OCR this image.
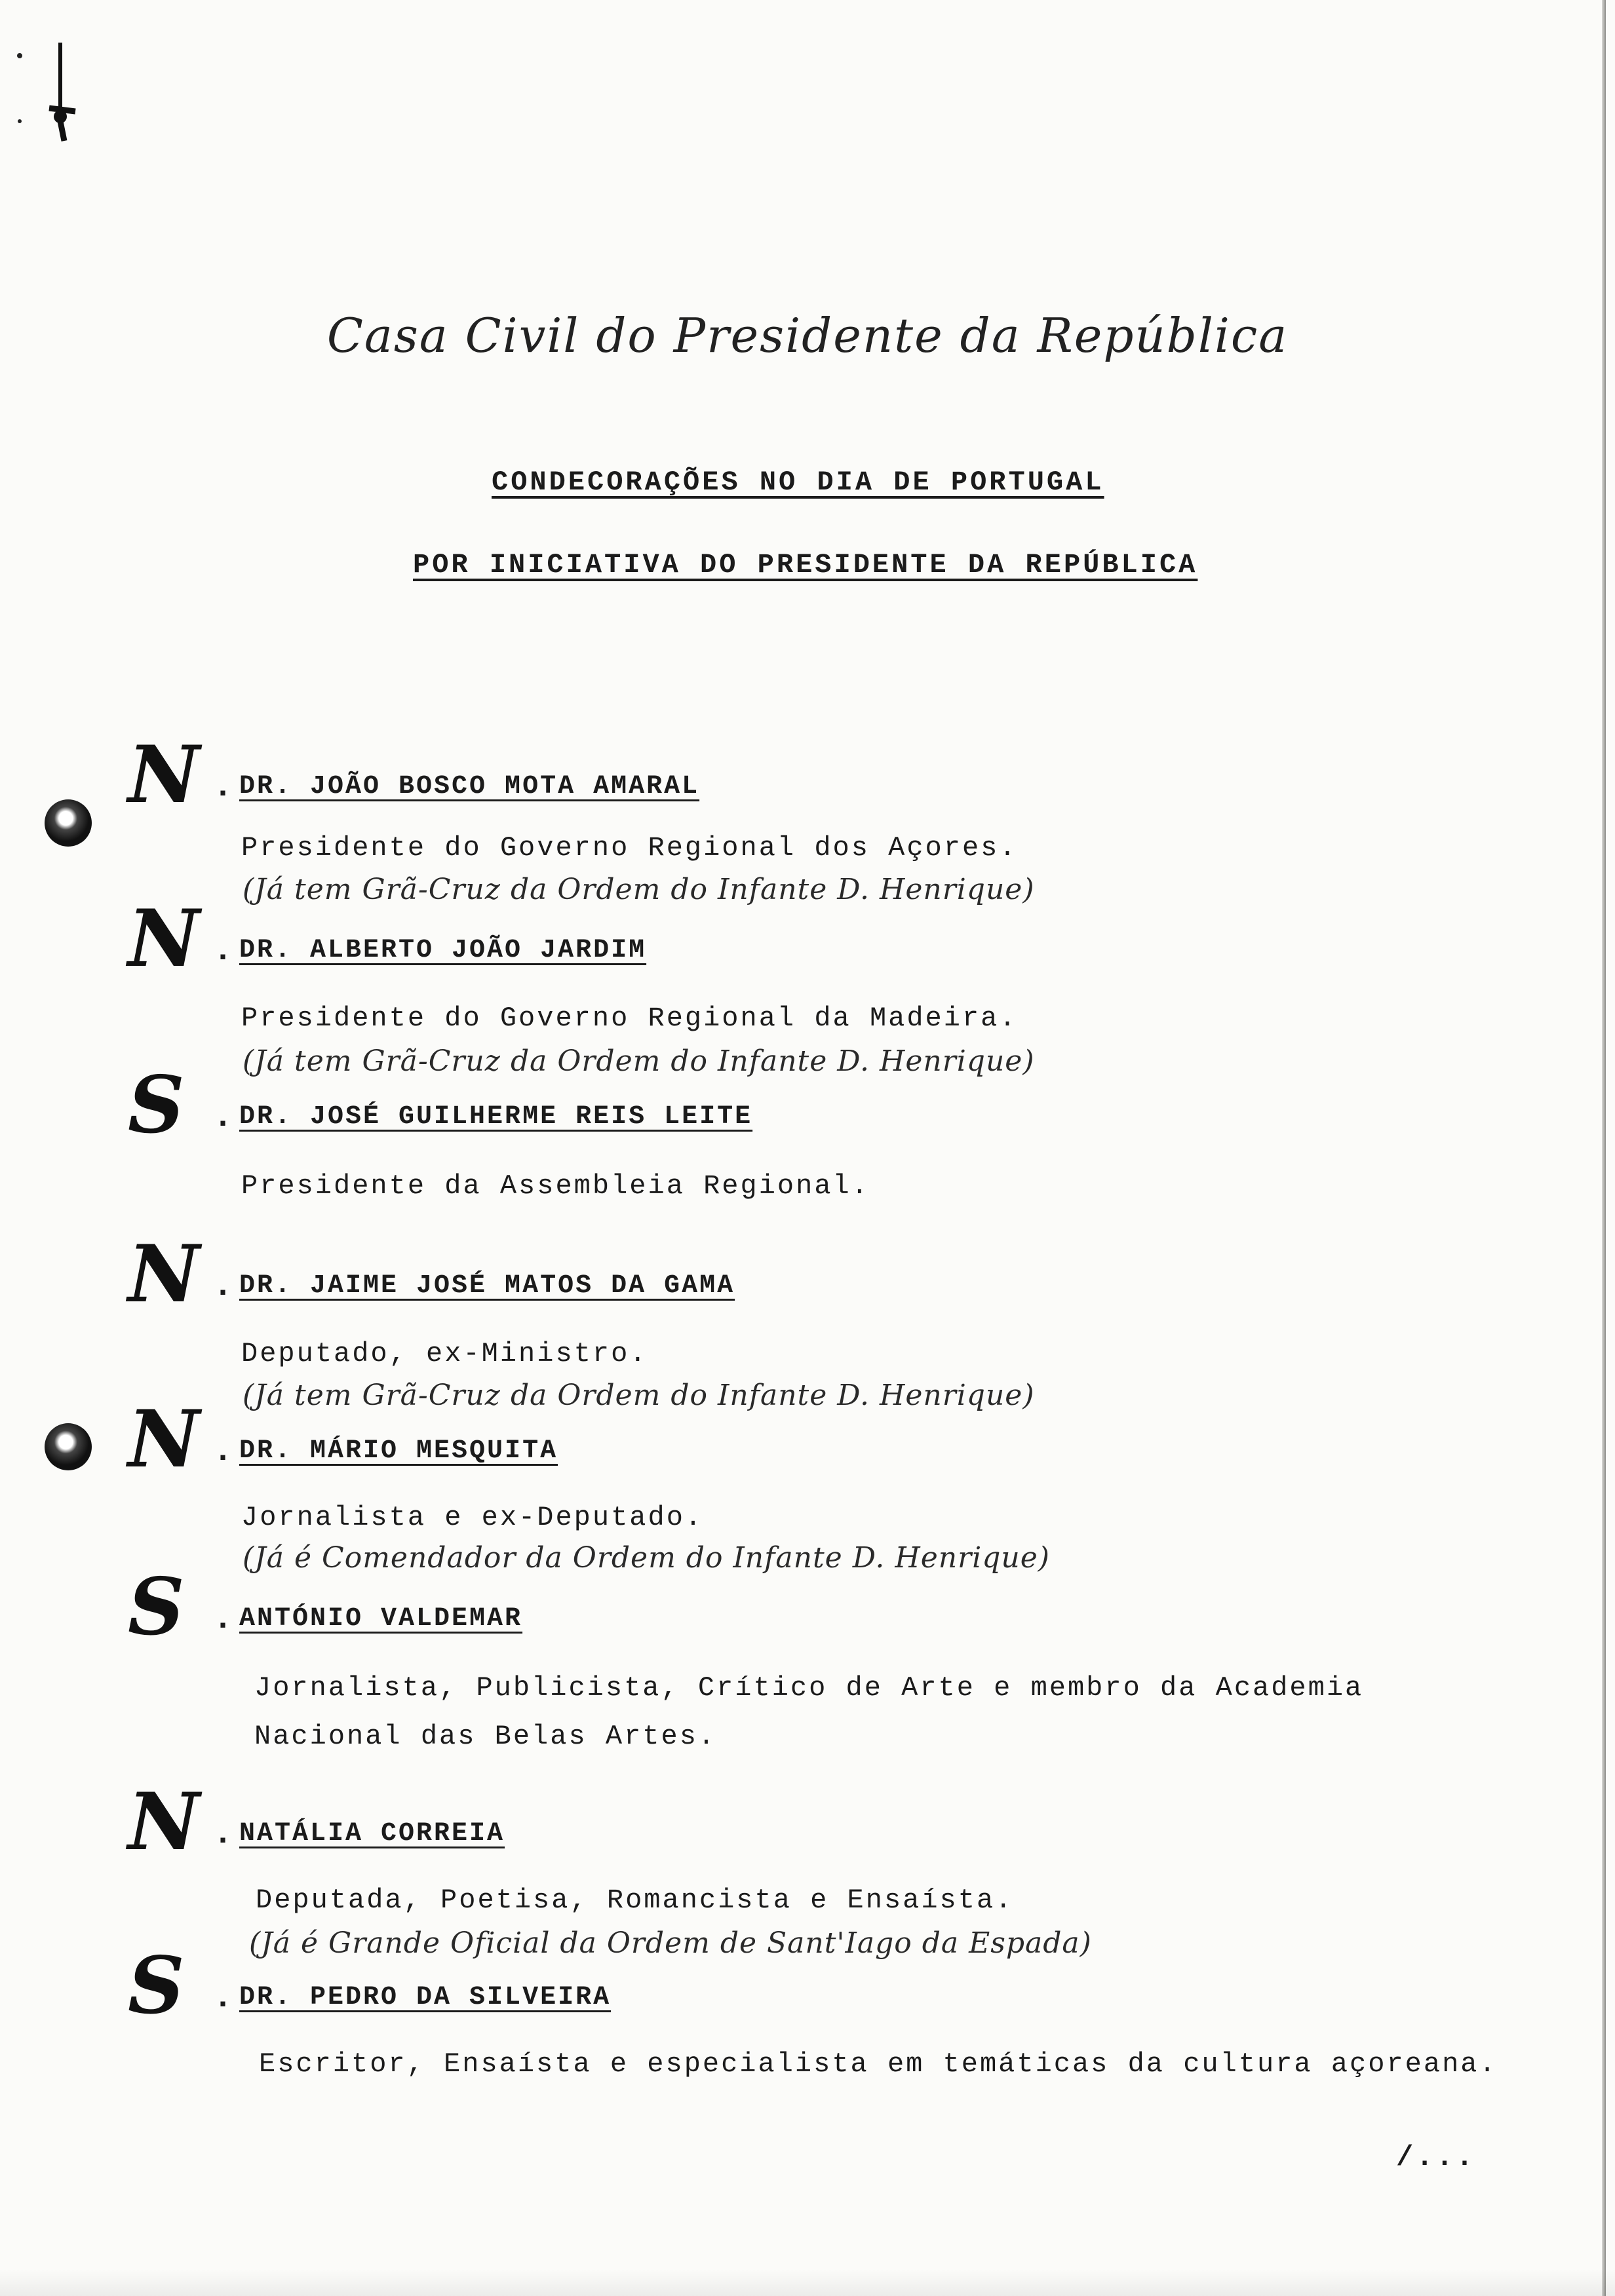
Casa Civil do Presidente da República
CONDECORAÇÕES NO DIA DE PORTUGAL
POR INICIATIVA DO PRESIDENTE DA REPÚBLICA
N . DR. JOÃO BOSCO MOTA AMARAL
Presidente do Governo Regional dos Açores.
(Já tem Grã-Cruz da Ordem do Infante D. Henrique)
N . DR. ALBERTO JOÃO JARDIM
Presidente do Governo Regional da Madeira.
(Já tem Grã-Cruz da Ordem do Infante D. Henrique)
S . DR. JOSÉ GUILHERME REIS LEITE
Presidente da Assembleia Regional.
N . DR. JAIME JOSÉ MATOS DA GAMA
Deputado, ex-Ministro.
(Já tem Grã-Cruz da Ordem do Infante D. Henrique)
N . DR. MÁRIO MESQUITA
Jornalista e ex-Deputado.
(Já é Comendador da Ordem do Infante D. Henrique)
S . ANTÓNIO VALDEMAR
Jornalista, Publicista, Crítico de Arte e membro da Academia
Nacional das Belas Artes.
N . NATÁLIA CORREIA
Deputada, Poetisa, Romancista e Ensaísta.
(Já é Grande Oficial da Ordem de Sant'Iago da Espada)
S . DR. PEDRO DA SILVEIRA
Escritor, Ensaísta e especialista em temáticas da cultura açoreana.
/...
